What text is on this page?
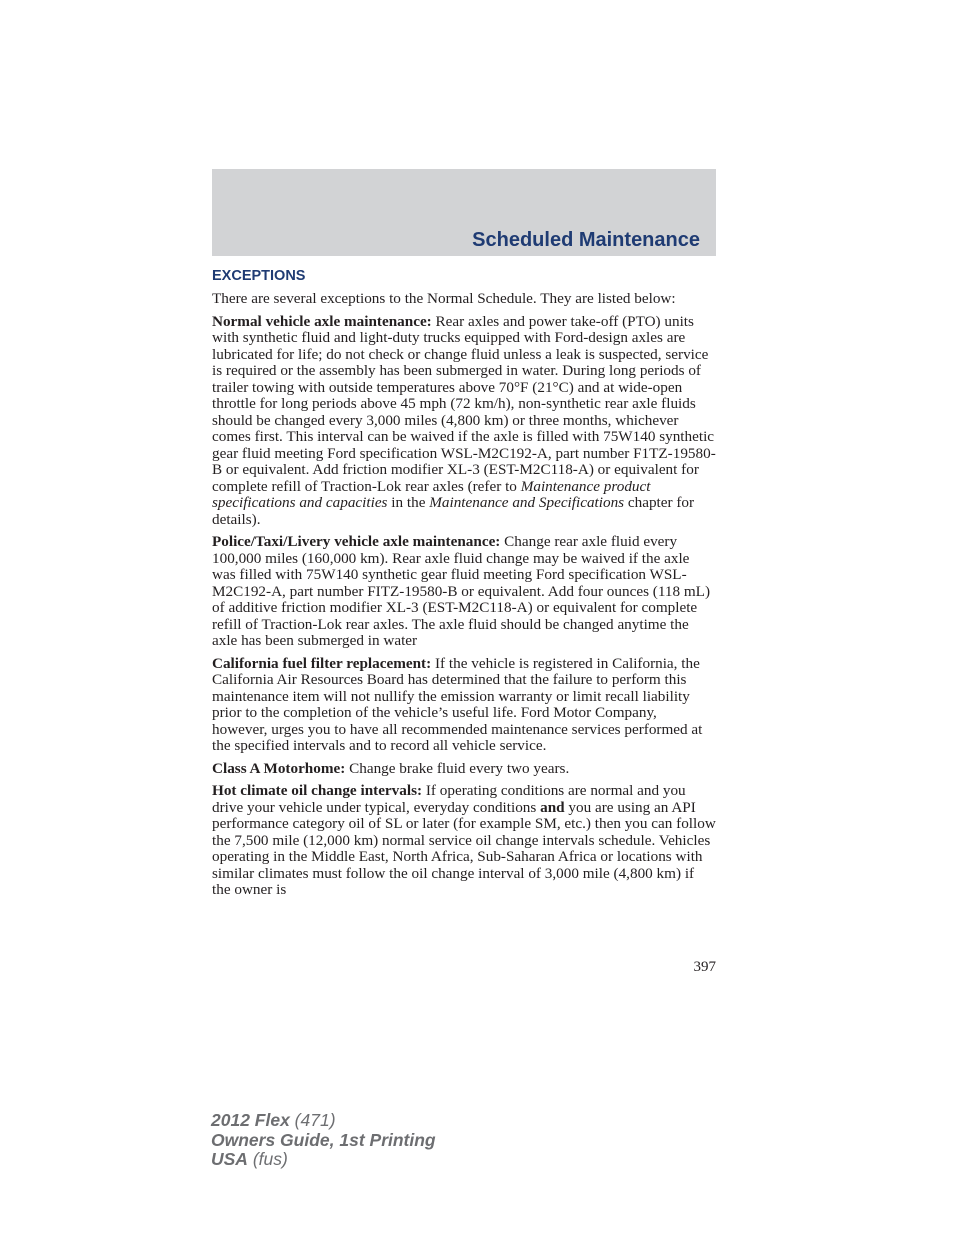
Scheduled Maintenance
EXCEPTIONS

There are several exceptions to the Normal Schedule. They are listed below:

Normal vehicle axle maintenance: Rear axles and power take-off (PTO) units with synthetic fluid and light-duty trucks equipped with Ford-design axles are lubricated for life; do not check or change fluid unless a leak is suspected, service is required or the assembly has been submerged in water. During long periods of trailer towing with outside temperatures above 70°F (21°C) and at wide-open throttle for long periods above 45 mph (72 km/h), non-synthetic rear axle fluids should be changed every 3,000 miles (4,800 km) or three months, whichever comes first. This interval can be waived if the axle is filled with 75W140 synthetic gear fluid meeting Ford specification WSL-M2C192-A, part number F1TZ-19580-B or equivalent. Add friction modifier XL-3 (EST-M2C118-A) or equivalent for complete refill of Traction-Lok rear axles (refer to Maintenance product specifications and capacities in the Maintenance and Specifications chapter for details).

Police/Taxi/Livery vehicle axle maintenance: Change rear axle fluid every 100,000 miles (160,000 km). Rear axle fluid change may be waived if the axle was filled with 75W140 synthetic gear fluid meeting Ford specification WSL-M2C192-A, part number FITZ-19580-B or equivalent. Add four ounces (118 mL) of additive friction modifier XL-3 (EST-M2C118-A) or equivalent for complete refill of Traction-Lok rear axles. The axle fluid should be changed anytime the axle has been submerged in water

California fuel filter replacement: If the vehicle is registered in California, the California Air Resources Board has determined that the failure to perform this maintenance item will not nullify the emission warranty or limit recall liability prior to the completion of the vehicle’s useful life. Ford Motor Company, however, urges you to have all recommended maintenance services performed at the specified intervals and to record all vehicle service.

Class A Motorhome: Change brake fluid every two years.

Hot climate oil change intervals: If operating conditions are normal and you drive your vehicle under typical, everyday conditions and you are using an API performance category oil of SL or later (for example SM, etc.) then you can follow the 7,500 mile (12,000 km) normal service oil change intervals schedule. Vehicles operating in the Middle East, North Africa, Sub-Saharan Africa or locations with similar climates must follow the oil change interval of 3,000 mile (4,800 km) if the owner is

397
2012 Flex (471)
Owners Guide, 1st Printing
USA (fus)
